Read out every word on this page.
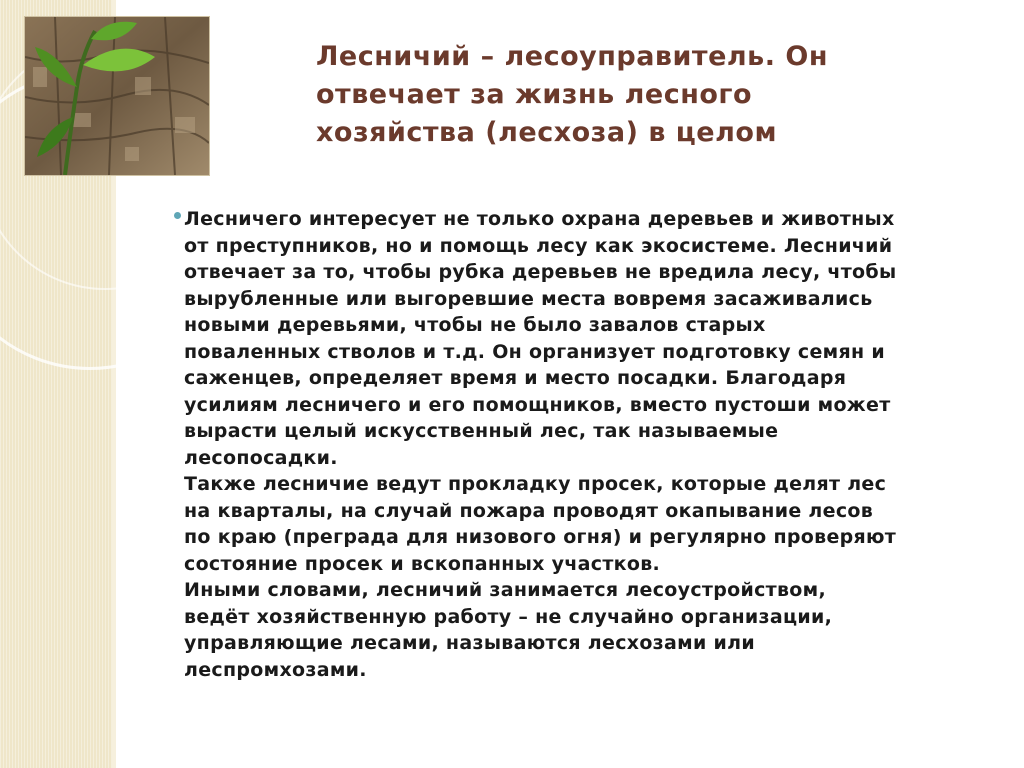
Лесничий – лесоуправитель. Он
отвечает за жизнь лесного
хозяйства (лесхоза) в целом
Лесничего интересует не только охрана деревьев и животных
от преступников, но и помощь лесу как экосистеме. Лесничий
отвечает за то, чтобы рубка деревьев не вредила лесу, чтобы
вырубленные или выгоревшие места вовремя засаживались
новыми деревьями, чтобы не было завалов старых
поваленных стволов и т.д. Он организует подготовку семян и
саженцев, определяет время и место посадки. Благодаря
усилиям лесничего и его помощников, вместо пустоши может
вырасти целый искусственный лес, так называемые
лесопосадки.
Также лесничие ведут прокладку просек, которые делят лес
на кварталы, на случай пожара проводят окапывание лесов
по краю (преграда для низового огня) и регулярно проверяют
состояние просек и вскопанных участков.
Иными словами, лесничий занимается лесоустройством,
ведёт хозяйственную работу – не случайно организации,
управляющие лесами, называются лесхозами или
леспромхозами.
